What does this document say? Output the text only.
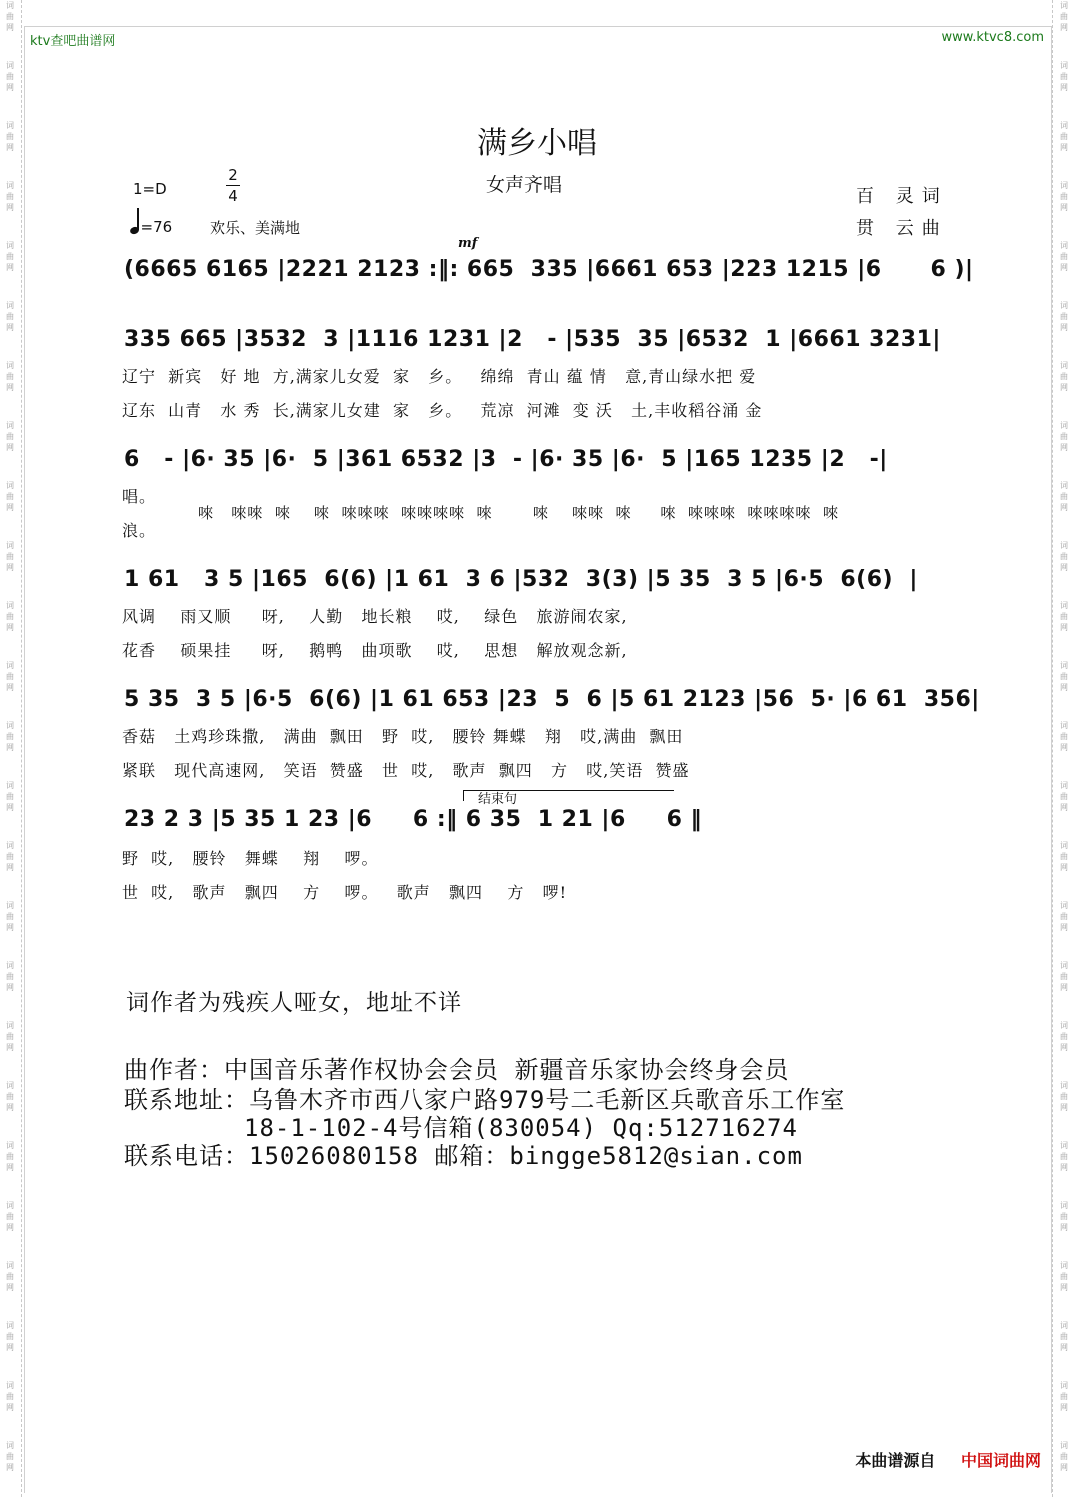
词
曲
网
词
曲
网
词
曲
网
词
曲
网
词
曲
网
词
曲
网
词
曲
网
词
曲
网
词
曲
网
词
曲
网
词
曲
网
词
曲
网
词
曲
网
词
曲
网
词
曲
网
词
曲
网
词
曲
网
词
曲
网
词
曲
网
词
曲
网
词
曲
网
词
曲
网
词
曲
网
词
曲
网
词
曲
网
词
曲
网
词
曲
网
词
曲
网
词
曲
网
词
曲
网
词
曲
网
词
曲
网
词
曲
网
词
曲
网
词
曲
网
词
曲
网
词
曲
网
词
曲
网
词
曲
网
词
曲
网
词
曲
网
词
曲
网
词
曲
网
词
曲
网
词
曲
网
词
曲
网
词
曲
网
词
曲
网
词
曲
网
词
曲
网
ktv查吧曲谱网	www.ktvc8.com
满乡小唱
女声齐唱
1=D
2
4
=76	欢乐、美满地
百 灵词
贯 云曲
mf
(6665 6165 |2221 2123 :‖: 665  335 |6661 653 |223 1215 |6      6 )|
335 665 |3532  3 |1116 1231 |2   - |535  35 |6532  1 |6661 3231|
辽宁  新宾   好 地  方,满家儿女爱  家   乡。   绵绵  青山 蕴 情   意,青山绿水把 爱
辽东  山青   水 秀  长,满家儿女建  家   乡。   荒凉  河滩  变 沃   土,丰收稻谷涌 金
6   - |6· 35 |6·  5 |361 6532 |3  - |6· 35 |6·  5 |165 1235 |2   -|
唱。
唻   唻唻  唻    唻  唻唻唻  唻唻唻唻  唻       唻    唻唻  唻     唻  唻唻唻  唻唻唻唻  唻
浪。
1 61   3 5 |165  6(6) |1 61  3 6 |532  3(3) |5 35  3 5 |6·5  6(6)  |
风调    雨又顺     呀,    人勤   地长粮    哎,    绿色   旅游闹农家,
花香    硕果挂     呀,    鹅鸭   曲项歌    哎,    思想   解放观念新,
5 35  3 5 |6·5  6(6) |1 61 653 |23  5  6 |5 61 2123 |56  5· |6 61  356|
香菇   土鸡珍珠撒,   满曲  飘田   野  哎,   腰铃 舞蝶   翔   哎,满曲  飘田
紧联   现代高速网,   笑语  赞盛   世  哎,   歌声  飘四   方   哎,笑语  赞盛
结束句
23 2 3 |5 35 1 23 |6     6 :‖ 6 35  1 21 |6     6 ‖
野  哎,   腰铃   舞蝶    翔    啰。
世  哎,   歌声   飘四    方    啰。   歌声   飘四    方   啰!
词作者为残疾人哑女，地址不详
曲作者：中国音乐著作权协会会员 新疆音乐家协会终身会员
联系地址：乌鲁木齐市西八家户路979号二毛新区兵歌音乐工作室
18-1-102-4号信箱(830054) Qq:512716274
联系电话：15026080158 邮箱：bingge5812@sian.com
本曲谱源自 中国词曲网
